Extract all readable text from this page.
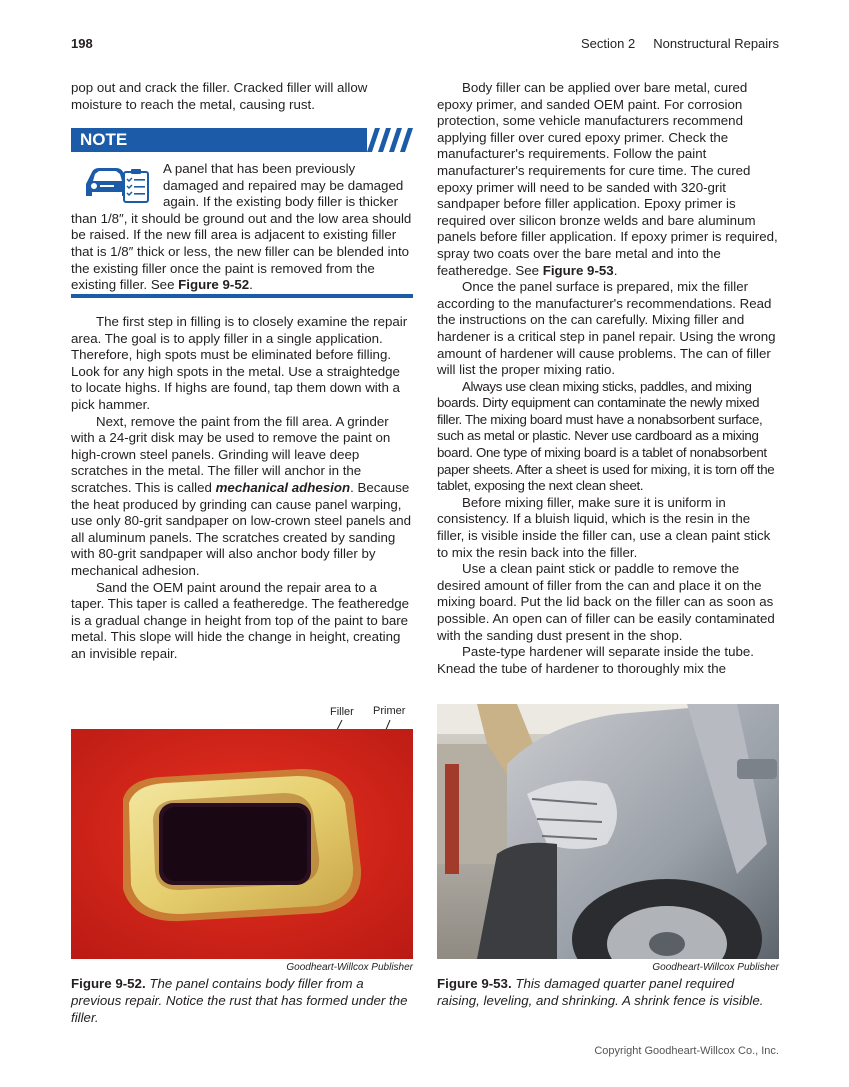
198	Section 2     Nonstructural Repairs

pop out and crack the filler. Cracked filler will allow moisture to reach the metal, causing rust.

NOTE

A panel that has been previously damaged and repaired may be damaged again. If the existing body filler is thicker than 1/8″, it should be ground out and the low area should be raised. If the new fill area is adjacent to existing filler that is 1/8″ thick or less, the new filler can be blended into the existing filler once the paint is removed from the existing filler. See Figure 9-52.

The first step in filling is to closely examine the repair area. The goal is to apply filler in a single application. Therefore, high spots must be eliminated before filling. Look for any high spots in the metal. Use a straightedge to locate highs. If highs are found, tap them down with a pick hammer.

Next, remove the paint from the fill area. A grinder with a 24-grit disk may be used to remove the paint on high-crown steel panels. Grinding will leave deep scratches in the metal. The filler will anchor in the scratches. This is called mechanical adhesion. Because the heat produced by grinding can cause panel warping, use only 80-grit sandpaper on low-crown steel panels and all aluminum panels. The scratches created by sanding with 80-grit sandpaper will also anchor body filler by mechanical adhesion.

Sand the OEM paint around the repair area to a taper. This taper is called a featheredge. The featheredge is a gradual change in height from top of the paint to bare metal. This slope will hide the change in height, creating an invisible repair.

Body filler can be applied over bare metal, cured epoxy primer, and sanded OEM paint. For corrosion protection, some vehicle manufacturers recommend applying filler over cured epoxy primer. Check the manufacturer's requirements. Follow the paint manufacturer's requirements for cure time. The cured epoxy primer will need to be sanded with 320-grit sandpaper before filler application. Epoxy primer is required over silicon bronze welds and bare aluminum panels before filler application. If epoxy primer is required, spray two coats over the bare metal and into the featheredge. See Figure 9-53.

Once the panel surface is prepared, mix the filler according to the manufacturer's recommendations. Read the instructions on the can carefully. Mixing filler and hardener is a critical step in panel repair. Using the wrong amount of hardener will cause problems. The can of filler will list the proper mixing ratio.

Always use clean mixing sticks, paddles, and mixing boards. Dirty equipment can contaminate the newly mixed filler. The mixing board must have a nonabsorbent surface, such as metal or plastic. Never use cardboard as a mixing board. One type of mixing board is a tablet of nonabsorbent paper sheets. After a sheet is used for mixing, it is torn off the tablet, exposing the next clean sheet.

Before mixing filler, make sure it is uniform in consistency. If a bluish liquid, which is the resin in the filler, is visible inside the filler can, use a clean paint stick to mix the resin back into the filler.

Use a clean paint stick or paddle to remove the desired amount of filler from the can and place it on the mixing board. Put the lid back on the filler can as soon as possible. An open can of filler can be easily contaminated with the sanding dust present in the shop.

Paste-type hardener will separate inside the tube. Knead the tube of hardener to thoroughly mix the

Filler Primer
Goodheart-Willcox Publisher
Figure 9-52. The panel contains body filler from a previous repair. Notice the rust that has formed under the filler.
Goodheart-Willcox Publisher
Figure 9-53. This damaged quarter panel required raising, leveling, and shrinking. A shrink fence is visible.
Copyright Goodheart-Willcox Co., Inc.
